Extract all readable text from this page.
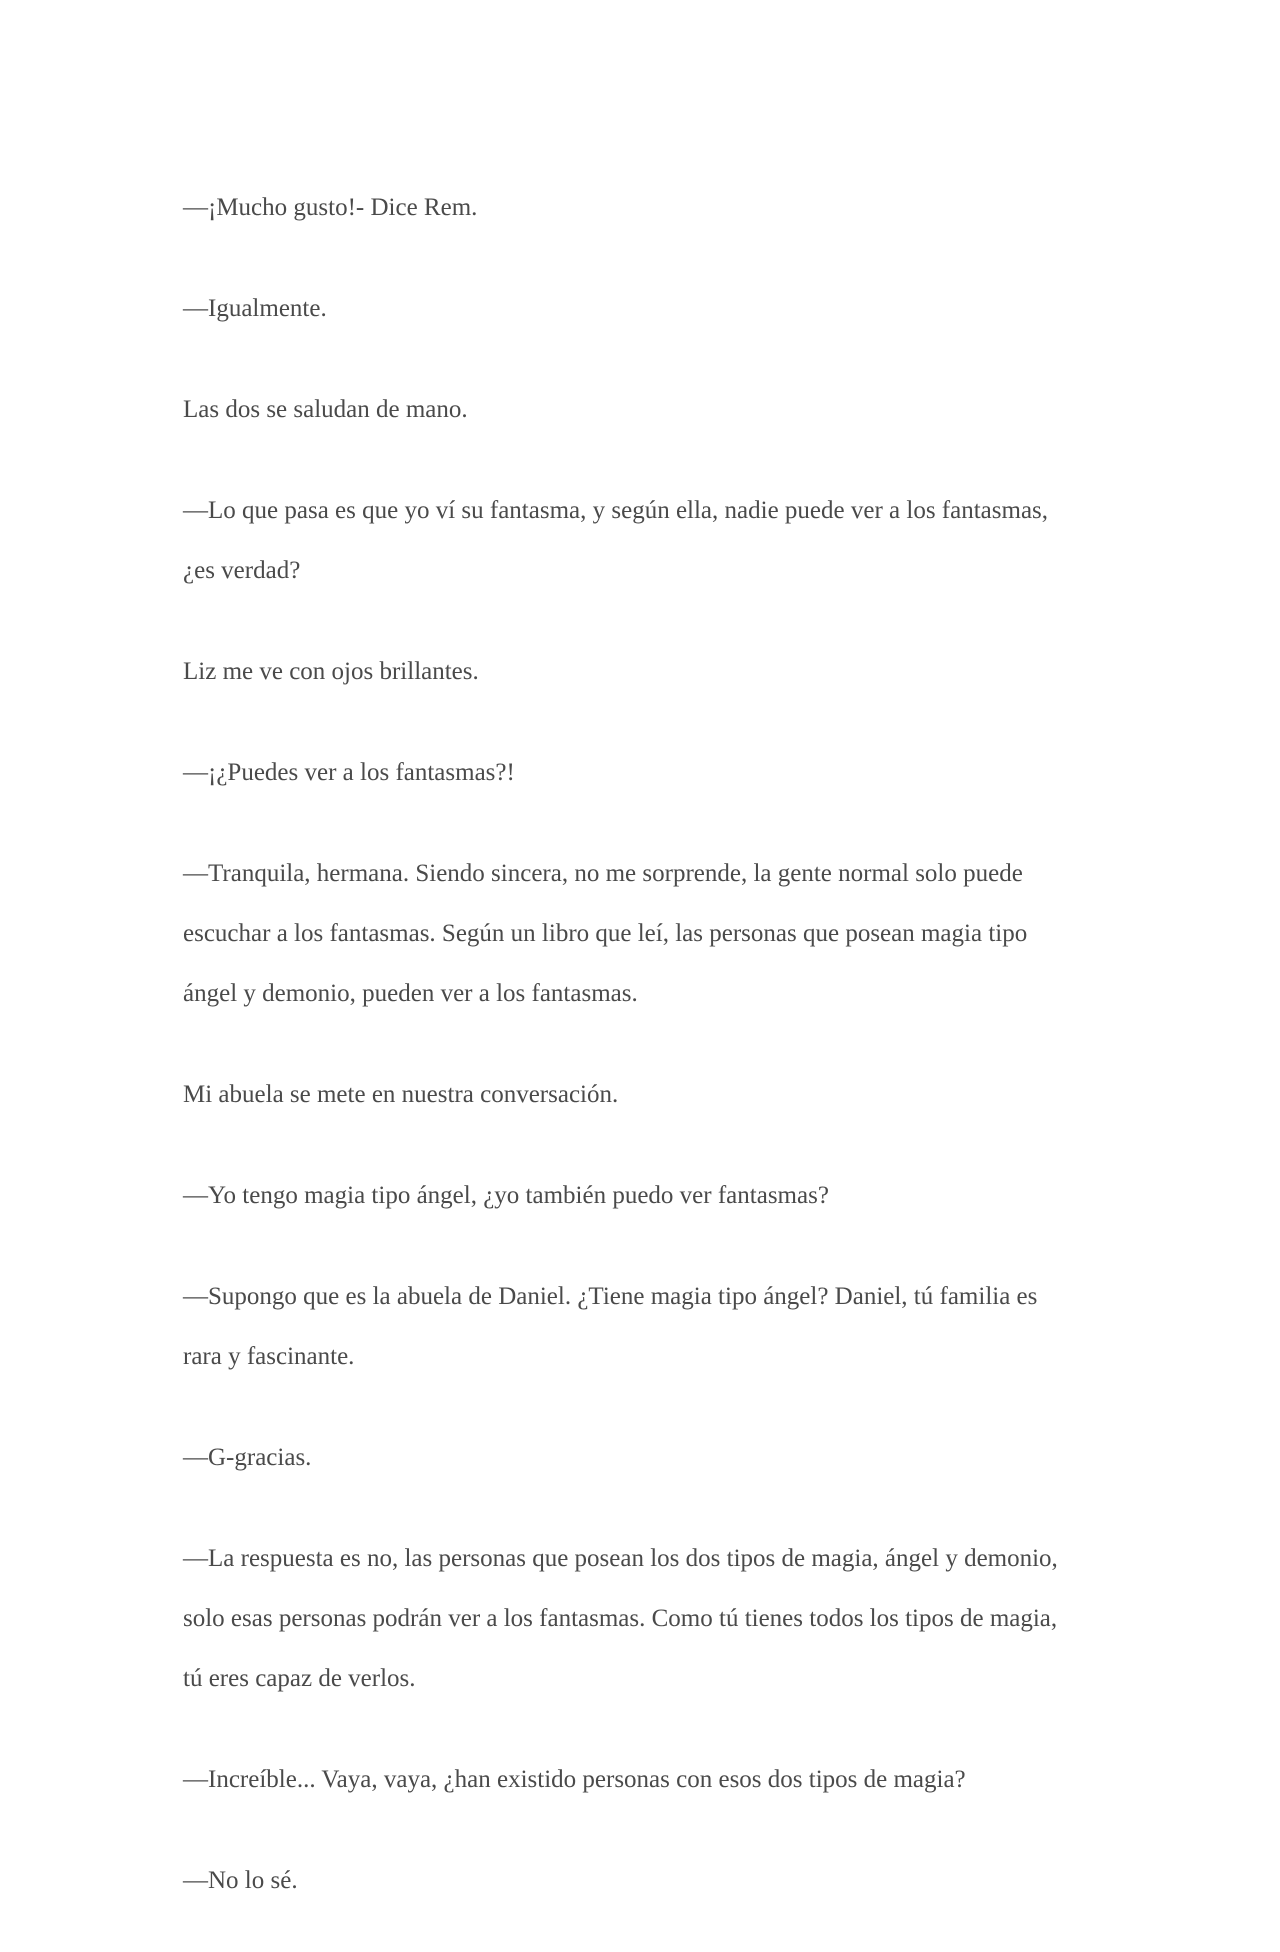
—¡Mucho gusto!- Dice Rem.

—Igualmente.

Las dos se saludan de mano.

—Lo que pasa es que yo ví su fantasma, y según ella, nadie puede ver a los fantasmas,
¿es verdad?

Liz me ve con ojos brillantes.

—¡¿Puedes ver a los fantasmas?!

—Tranquila, hermana. Siendo sincera, no me sorprende, la gente normal solo puede
escuchar a los fantasmas. Según un libro que leí, las personas que posean magia tipo
ángel y demonio, pueden ver a los fantasmas.

Mi abuela se mete en nuestra conversación.

—Yo tengo magia tipo ángel, ¿yo también puedo ver fantasmas?

—Supongo que es la abuela de Daniel. ¿Tiene magia tipo ángel? Daniel, tú familia es
rara y fascinante.

—G-gracias.

—La respuesta es no, las personas que posean los dos tipos de magia, ángel y demonio,
solo esas personas podrán ver a los fantasmas. Como tú tienes todos los tipos de magia,
tú eres capaz de verlos.

—Increíble... Vaya, vaya, ¿han existido personas con esos dos tipos de magia?

—No lo sé.
